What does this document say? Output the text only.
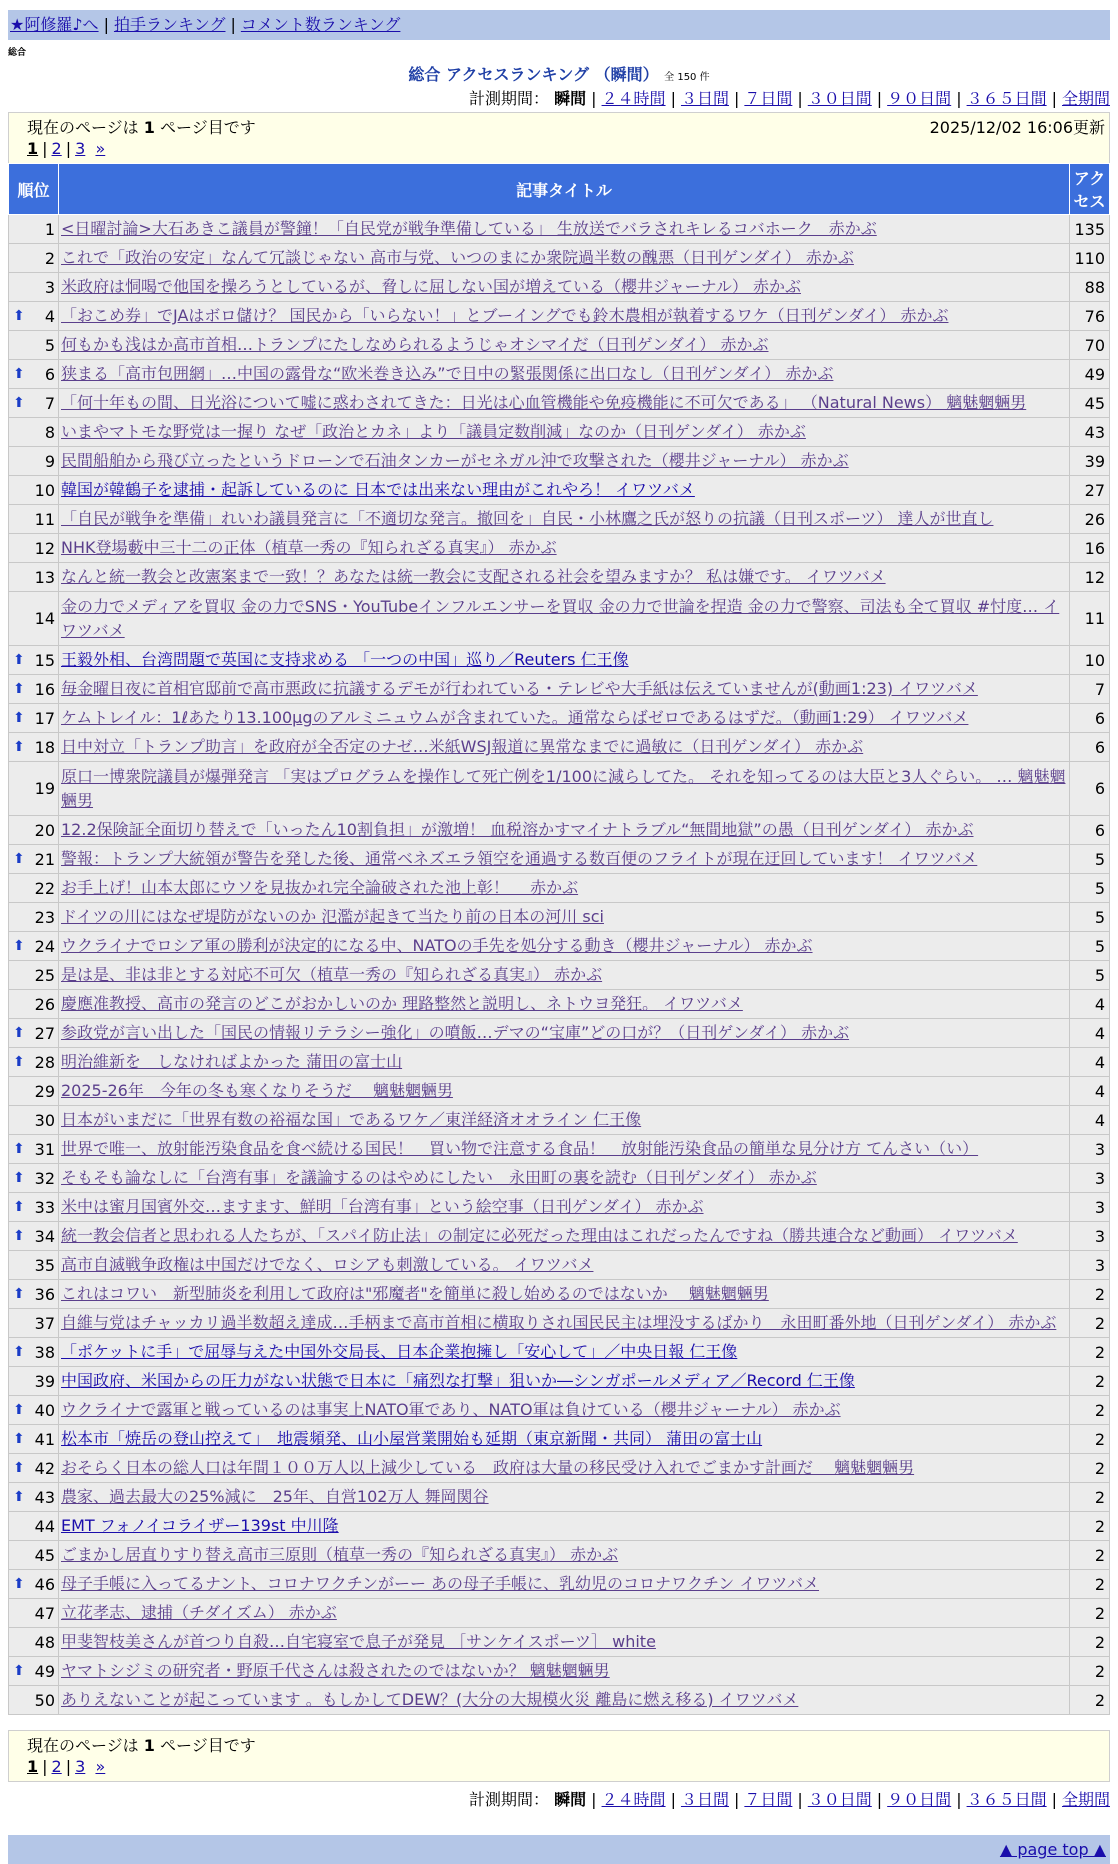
★阿修羅♪へ | 拍手ランキング | コメント数ランキング
総合
総合 アクセスランキング （瞬間） 全 150 件
計測期間： 瞬間 | ２４時間 | ３日間 | ７日間 | ３０日間 | ９０日間 | ３６５日間 | 全期間
現在のページは 1 ページ目です	2025/12/02 16:06更新
1 | 2 | 3 »
順位	記事タイトル	アクセス
1	<日曜討論>大石あきこ議員が警鐘！「自民党が戦争準備している」 生放送でバラされキレるコバホーク　赤かぶ	135
2	これで「政治の安定」なんて冗談じゃない 高市与党、いつのまにか衆院過半数の醜悪（日刊ゲンダイ） 赤かぶ	110
3	米政府は恫喝で他国を操ろうとしているが、脅しに屈しない国が増えている（櫻井ジャーナル） 赤かぶ	88

⬆ 4	「おこめ券」でJAはボロ儲け？ 国民から「いらない！」とブーイングでも鈴木農相が執着するワケ（日刊ゲンダイ） 赤かぶ	76
5	何もかも浅はか高市首相…トランプにたしなめられるようじゃオシマイだ（日刊ゲンダイ） 赤かぶ	70

⬆ 6	狭まる「高市包囲網」…中国の露骨な“欧米巻き込み”で日中の緊張関係に出口なし（日刊ゲンダイ） 赤かぶ	49

⬆ 7	「何十年もの間、日光浴について嘘に惑わされてきた：日光は心血管機能や免疫機能に不可欠である」 （Natural News） 魑魅魍魎男	45
8	いまやマトモな野党は一握り なぜ「政治とカネ」より「議員定数削減」なのか（日刊ゲンダイ） 赤かぶ	43
9	民間船舶から飛び立ったというドローンで石油タンカーがセネガル沖で攻撃された（櫻井ジャーナル） 赤かぶ	39
10	韓国が韓鶴子を逮捕・起訴しているのに 日本では出来ない理由がこれやろ！ イワツバメ	27
11	「自民が戦争を準備」れいわ議員発言に「不適切な発言。撤回を」自民・小林鷹之氏が怒りの抗議（日刊スポーツ） 達人が世直し	26
12	NHK登場藪中三十二の正体（植草一秀の『知られざる真実』） 赤かぶ	16
13	なんと統一教会と改憲案まで一致！？あなたは統一教会に支配される社会を望みますか？ 私は嫌です。 イワツバメ	12
14	金の力でメディアを買収 金の力でSNS・YouTubeインフルエンサーを買収 金の力で世論を捏造 金の力で警察、司法も全て買収 #忖度… イワツバメ	11

⬆ 15	王毅外相、台湾問題で英国に支持求める 「一つの中国」巡り／Reuters 仁王像	10

⬆ 16	毎金曜日夜に首相官邸前で高市悪政に抗議するデモが行われている・テレビや大手紙は伝えていませんが(動画1:23) イワツバメ	7

⬆ 17	ケムトレイル：1ℓあたり13.100μgのアルミニュウムが含まれていた。通常ならばゼロであるはずだ。（動画1:29） イワツバメ	6

⬆ 18	日中対立「トランプ助言」を政府が全否定のナゼ…米紙WSJ報道に異常なまでに過敏に（日刊ゲンダイ） 赤かぶ	6
19	原口一博衆院議員が爆弾発言 「実はプログラムを操作して死亡例を1/100に減らしてた。 それを知ってるのは大臣と3人ぐらい。 … 魑魅魍魎男	6
20	12.2保険証全面切り替えで「いったん10割負担」が激増！ 血税溶かすマイナトラブル“無間地獄”の愚（日刊ゲンダイ） 赤かぶ	6

⬆ 21	警報：トランプ大統領が警告を発した後、通常ベネズエラ領空を通過する数百便のフライトが現在迂回しています！ イワツバメ	5
22	お手上げ！山本太郎にウソを見抜かれ完全論破された池上彰！　 赤かぶ	5
23	ドイツの川にはなぜ堤防がないのか 氾濫が起きて当たり前の日本の河川 sci	5

⬆ 24	ウクライナでロシア軍の勝利が決定的になる中、NATOの手先を処分する動き（櫻井ジャーナル） 赤かぶ	5
25	是は是、非は非とする対応不可欠（植草一秀の『知られざる真実』） 赤かぶ	5
26	慶應准教授、高市の発言のどこがおかしいのか 理路整然と説明し、ネトウヨ発狂。 イワツバメ	4

⬆ 27	参政党が言い出した「国民の情報リテラシー強化」の噴飯…デマの“宝庫”どの口が？（日刊ゲンダイ） 赤かぶ	4

⬆ 28	明治維新を　しなければよかった 蒲田の富士山	4
29	2025-26年　今年の冬も寒くなりそうだ　 魑魅魍魎男	4
30	日本がいまだに「世界有数の裕福な国」であるワケ／東洋経済オオライン 仁王像	4

⬆ 31	世界で唯一、放射能汚染食品を食べ続ける国民！　買い物で注意する食品！　放射能汚染食品の簡単な見分け方 てんさい（い）	3

⬆ 32	そもそも論なしに「台湾有事」を議論するのはやめにしたい　永田町の裏を読む（日刊ゲンダイ） 赤かぶ	3

⬆ 33	米中は蜜月国賓外交…ますます、鮮明「台湾有事」という絵空事（日刊ゲンダイ） 赤かぶ	3

⬆ 34	統一教会信者と思われる人たちが、「スパイ防止法」の制定に必死だった理由はこれだったんですね（勝共連合など動画） イワツバメ	3
35	高市自滅戦争政権は中国だけでなく、ロシアも刺激している。 イワツバメ	3

⬆ 36	これはコワい　新型肺炎を利用して政府は"邪魔者"を簡単に殺し始めるのではないか　 魑魅魍魎男	2
37	自維与党はチャッカリ過半数超え達成…手柄まで高市首相に横取りされ国民民主は埋没するばかり　永田町番外地（日刊ゲンダイ） 赤かぶ	2

⬆ 38	「ポケットに手」で屈辱与えた中国外交局長、日本企業抱擁し「安心して」／中央日報 仁王像	2
39	中国政府、米国からの圧力がない状態で日本に「痛烈な打撃」狙いか―シンガポールメディア／Record 仁王像	2

⬆ 40	ウクライナで露軍と戦っているのは事実上NATO軍であり、NATO軍は負けている（櫻井ジャーナル） 赤かぶ	2

⬆ 41	松本市「焼岳の登山控えて」　地震頻発、山小屋営業開始も延期（東京新聞・共同） 蒲田の富士山	2

⬆ 42	おそらく日本の総人口は年間１００万人以上減少している　政府は大量の移民受け入れでごまかす計画だ　 魑魅魍魎男	2

⬆ 43	農家、過去最大の25%減に　25年、自営102万人 舞岡関谷	2
44	EMT フォノイコライザー139st 中川隆	2
45	ごまかし居直りすり替え高市三原則（植草一秀の『知られざる真実』） 赤かぶ	2

⬆ 46	母子手帳に入ってるナント、コロナワクチンがーー あの母子手帳に、乳幼児のコロナワクチン イワツバメ	2
47	立花孝志、逮捕（チダイズム） 赤かぶ	2
48	甲斐智枝美さんが首つり自殺…自宅寝室で息子が発見 ［サンケイスポーツ］ white	2

⬆ 49	ヤマトシジミの研究者・野原千代さんは殺されたのではないか？ 魑魅魍魎男	2
50	ありえないことが起こっています 。もしかしてDEW？(大分の大規模火災 離島に燃え移る) イワツバメ	2
現在のページは 1 ページ目です
1 | 2 | 3 »
計測期間： 瞬間 | ２４時間 | ３日間 | ７日間 | ３０日間 | ９０日間 | ３６５日間 | 全期間
▲ page top ▲
